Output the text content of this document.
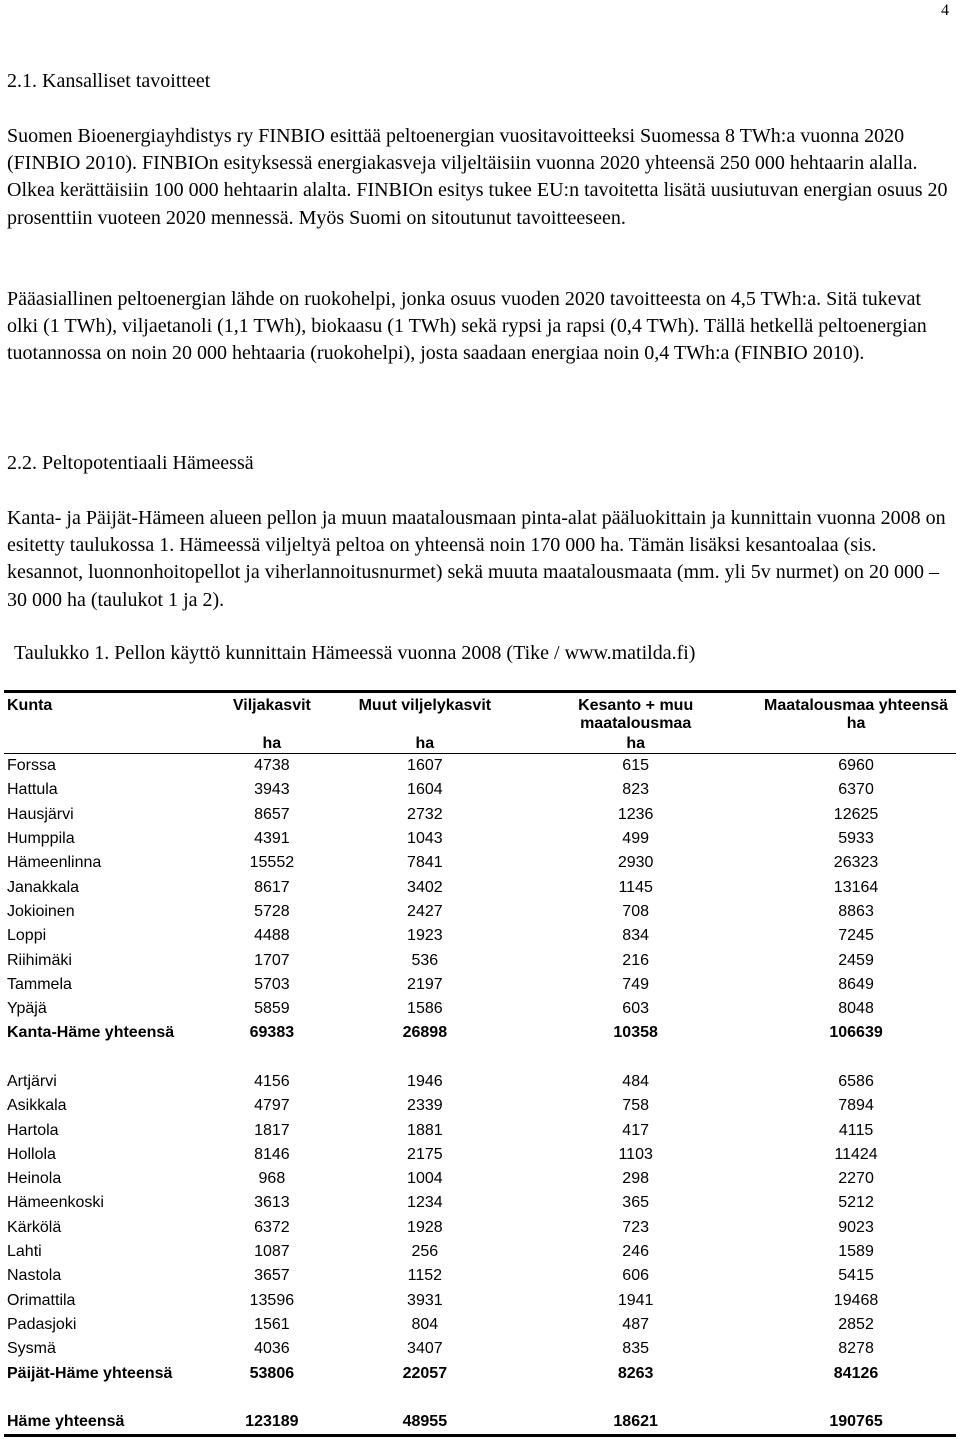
4
2.1. Kansalliset tavoitteet

Suomen Bioenergiayhdistys ry FINBIO esittää peltoenergian vuositavoitteeksi Suomessa 8 TWh:a vuonna 2020 (FINBIO 2010). FINBIOn esityksessä energiakasveja viljeltäisiin vuonna 2020 yhteensä 250 000 hehtaarin alalla. Olkea kerättäisiin 100 000 hehtaarin alalta. FINBIOn esitys tukee EU:n tavoitetta lisätä uusiutuvan energian osuus 20 prosenttiin vuoteen 2020 mennessä. Myös Suomi on sitoutunut tavoitteeseen.

Pääasiallinen peltoenergian lähde on ruokohelpi, jonka osuus vuoden 2020 tavoitteesta on 4,5 TWh:a. Sitä tukevat olki (1 TWh), viljaetanoli (1,1 TWh), biokaasu (1 TWh) sekä rypsi ja rapsi (0,4 TWh). Tällä hetkellä peltoenergian tuotannossa on noin 20 000 hehtaaria (ruokohelpi), josta saadaan energiaa noin 0,4 TWh:a (FINBIO 2010).

2.2. Peltopotentiaali Hämeessä

Kanta- ja Päijät-Hämeen alueen pellon ja muun maatalousmaan pinta-alat pääluokittain ja kunnittain vuonna 2008 on esitetty taulukossa 1. Hämeessä viljeltyä peltoa on yhteensä noin 170 000 ha. Tämän lisäksi kesantoalaa (sis. kesannot, luonnonhoitopellot ja viherlannoitusnurmet) sekä muuta maatalousmaata (mm. yli 5v nurmet) on 20 000 – 30 000 ha (taulukot 1 ja 2).

Taulukko 1. Pellon käyttö kunnittain Hämeessä vuonna 2008 (Tike / www.matilda.fi)
Kunta	Viljakasvit	Muut viljelykasvit	Kesanto + muu maatalousmaa	Maatalousmaa yhteensä ha
	ha	ha	ha	
Forssa	4738	1607	615	6960
Hattula	3943	1604	823	6370
Hausjärvi	8657	2732	1236	12625
Humppila	4391	1043	499	5933
Hämeenlinna	15552	7841	2930	26323
Janakkala	8617	3402	1145	13164
Jokioinen	5728	2427	708	8863
Loppi	4488	1923	834	7245
Riihimäki	1707	536	216	2459
Tammela	5703	2197	749	8649
Ypäjä	5859	1586	603	8048
Kanta-Häme yhteensä	69383	26898	10358	106639

Artjärvi	4156	1946	484	6586
Asikkala	4797	2339	758	7894
Hartola	1817	1881	417	4115
Hollola	8146	2175	1103	11424
Heinola	968	1004	298	2270
Hämeenkoski	3613	1234	365	5212
Kärkölä	6372	1928	723	9023
Lahti	1087	256	246	1589
Nastola	3657	1152	606	5415
Orimattila	13596	3931	1941	19468
Padasjoki	1561	804	487	2852
Sysmä	4036	3407	835	8278
Päijät-Häme yhteensä	53806	22057	8263	84126

Häme yhteensä	123189	48955	18621	190765
